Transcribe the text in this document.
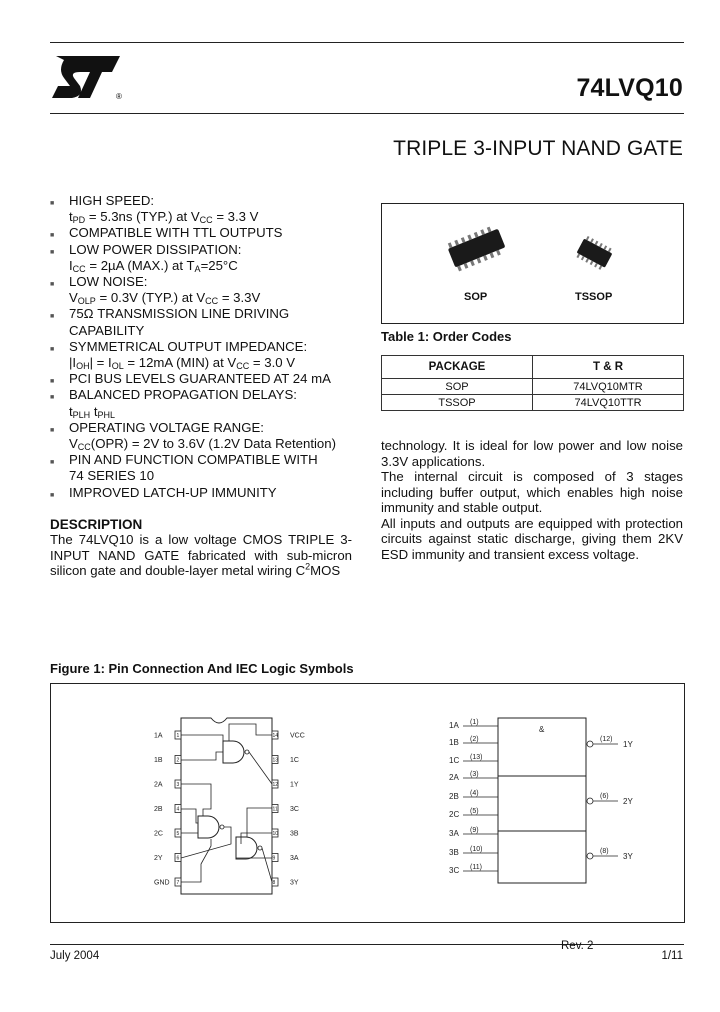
®	74LVQ10
TRIPLE 3-INPUT NAND GATE
■ HIGH SPEED:
$t_{PD} = 5.3ns$ (TYP.) at $V_{CC} = 3.3$ V
■ COMPATIBLE WITH TTL OUTPUTS
■ LOW POWER DISSIPATION:
$I_{CC} = 2\mu A$ (MAX.) at $T_A=25^\circ C$
■ LOW NOISE:
$V_{OLP} = 0.3V$ (TYP.) at $V_{CC} = 3.3V$
■ 75Ω TRANSMISSION LINE DRIVING
CAPABILITY
■ SYMMETRICAL OUTPUT IMPEDANCE:
$|I_{OH}| = I_{OL} = 12mA$ (MIN) at $V_{CC} = 3.0$ V
■ PCI BUS LEVELS GUARANTEED AT 24 mA
■ BALANCED PROPAGATION DELAYS:
$t_{PLH}$ $t_{PHL}$
■ OPERATING VOLTAGE RANGE:
$V_{CC}(OPR) = 2V$ to 3.6V (1.2V Data Retention)
■ PIN AND FUNCTION COMPATIBLE WITH
74 SERIES 10
■ IMPROVED LATCH-UP IMMUNITY
DESCRIPTION
The 74LVQ10 is a low voltage CMOS TRIPLE 3-INPUT NAND GATE fabricated with sub-micron silicon gate and double-layer metal wiring $C^2MOS$
technology. It is ideal for low power and low noise 3.3V applications.
The internal circuit is composed of 3 stages including buffer output, which enables high noise immunity and stable output.
All inputs and outputs are equipped with protection circuits against static discharge, giving them 2KV ESD immunity and transient excess voltage.
SOP	TSSOP
Table 1: Order Codes
PACKAGE	T & R
SOP	74LVQ10MTR
TSSOP	74LVQ10TTR
Figure 1: Pin Connection And IEC Logic Symbols
1A	1
1B	2
2A	3
2B	4
2C	5
2Y	6
GND 7
14 VCC
13 1C
12 1Y
11 3C
10 3B
9 3A
8 3Y
&
1A (1)
1B (2)
1C (13)
2A (3)
2B (4)
2C (5)
3A (9)
3B (10)
3C (11)
(12)
1Y
(6)
2Y
(8)
3Y
July 2004
Rev. 2
1/11
